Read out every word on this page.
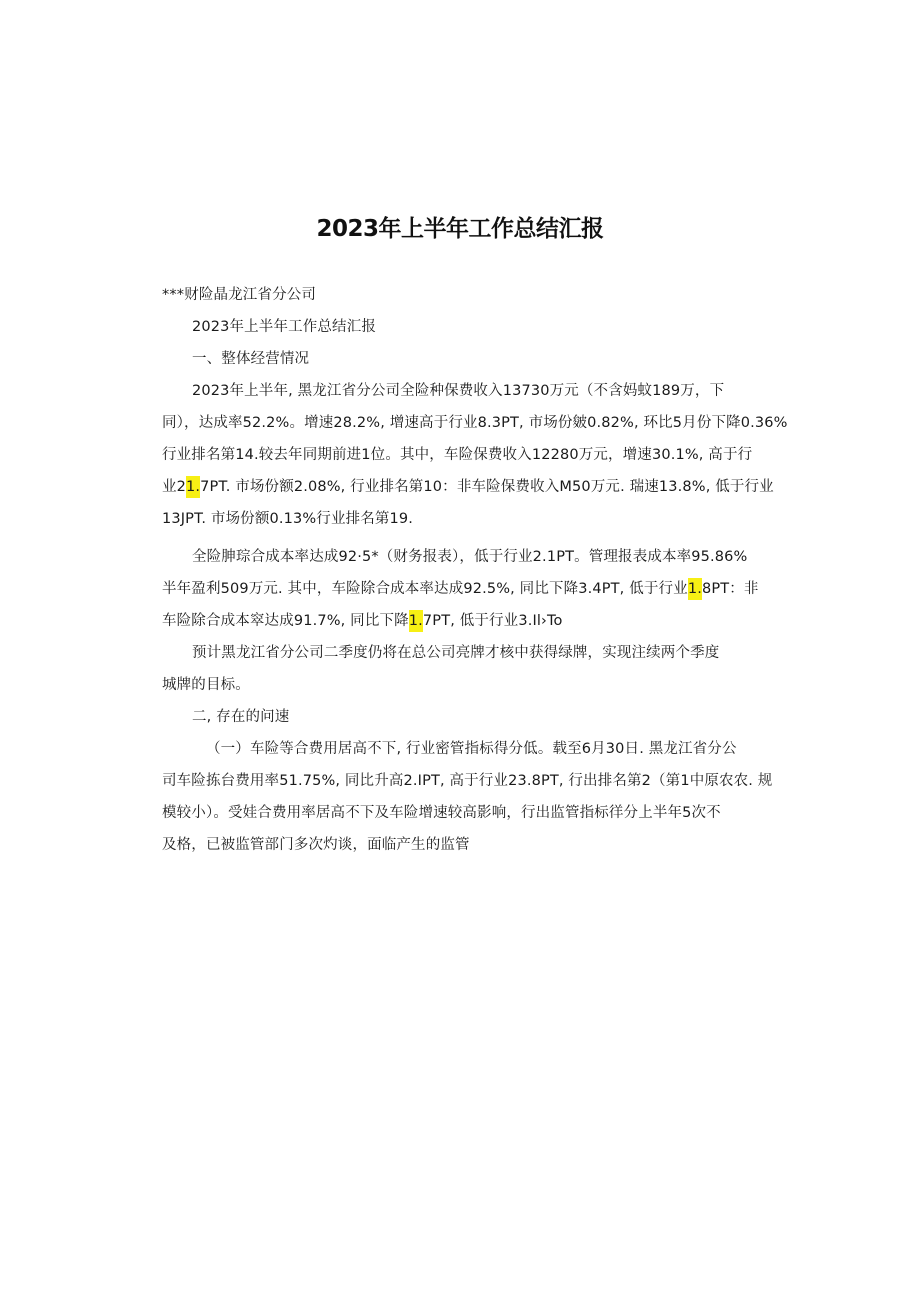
2023年上半年工作总结汇报
***财险晶龙江省分公司
2023年上半年工作总结汇报
一、整体经营情况
2023年上半年, 黑龙江省分公司全险种保费收入13730万元（不含妈蚊189万，下
同），达成率52.2%。增速28.2%, 增速高于行业8.3PT, 市场份皴0.82%, 环比5月份下降0.36%
行业排名第14.较去年同期前进1位。其中，车险保费收入12280万元，增速30.1%, 高于行
业21.7PT. 市场份额2.08%, 行业排名第10：非车险保费收入M50万元. 瑞速13.8%, 低于行业
13JPT. 市场份额0.13%行业排名第19.
全险胂琮合成本率达成92·5*（财务报表），低于行业2.1PT。管理报表成本率95.86%
半年盈利509万元. 其中，车险除合成本率达成92.5%, 同比下降3.4PT, 低于行业1.8PT：非
车险除合成本窣达成91.7%, 同比下降1.7PT, 低于行业3.Il›To
预计黑龙江省分公司二季度仍将在总公司亮牌才核中获得绿牌，实现注续两个季度
城牌的目标。
二, 存在的问速
（一）车险等合费用居高不下, 行业密管指标得分低。载至6月30日. 黑龙江省分公
司车险拣台费用率51.75%, 同比升高2.IPT, 高于行业23.8PT, 行出排名第2（第1中原农农. 规
模较小）。受娃合费用率居高不下及车险增速较高影响，行出监管指标徉分上半年5次不
及格，已被监管部门多次灼谈，面临产生的监管
